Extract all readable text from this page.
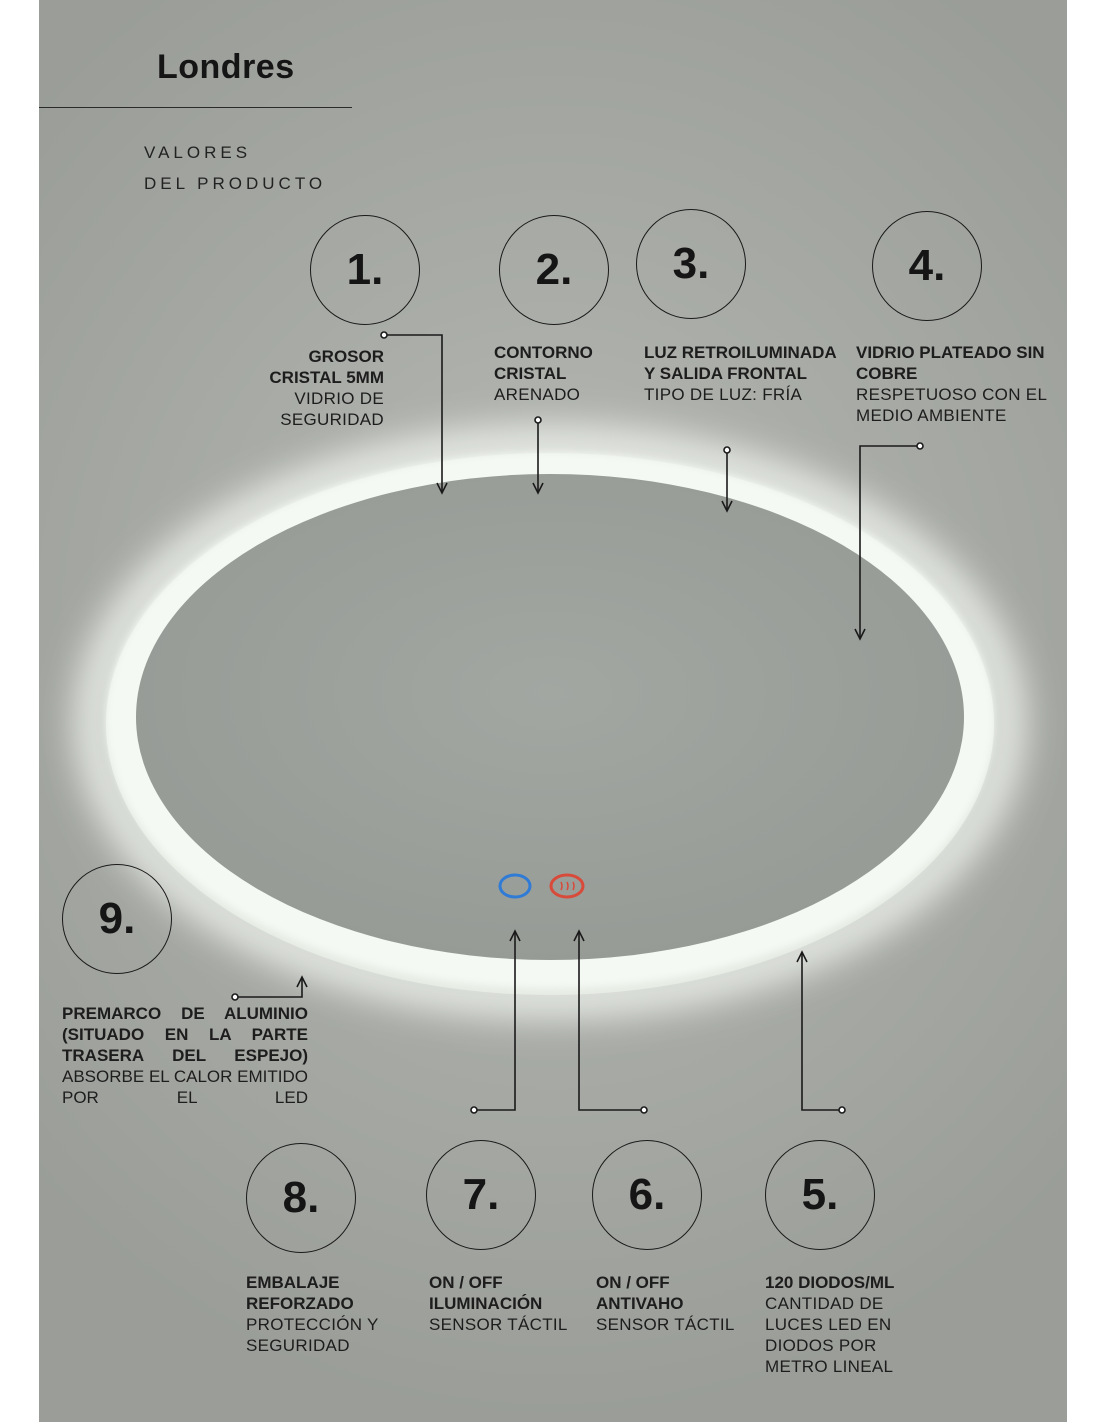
Londres
VALORES
DEL PRODUCTO
1.	2.	3.	4.
9.
8.	7.	6.	5.
GROSOR CRISTAL 5MM
VIDRIO DE SEGURIDAD
CONTORNO CRISTAL
ARENADO
LUZ RETROILUMINADA Y SALIDA FRONTAL
TIPO DE LUZ: FRÍA
VIDRIO PLATEADO SIN COBRE
RESPETUOSO CON EL MEDIO AMBIENTE
PREMARCO DE ALUMINIO (SITUADO EN LA PARTE TRASERA DEL ESPEJO) ABSORBE EL CALOR EMITIDO POR EL LED
EMBALAJE REFORZADO
PROTECCIÓN Y SEGURIDAD
ON / OFF ILUMINACIÓN
SENSOR TÁCTIL
ON / OFF ANTIVAHO
SENSOR TÁCTIL
120 DIODOS/ML
CANTIDAD DE LUCES LED EN DIODOS POR METRO LINEAL
